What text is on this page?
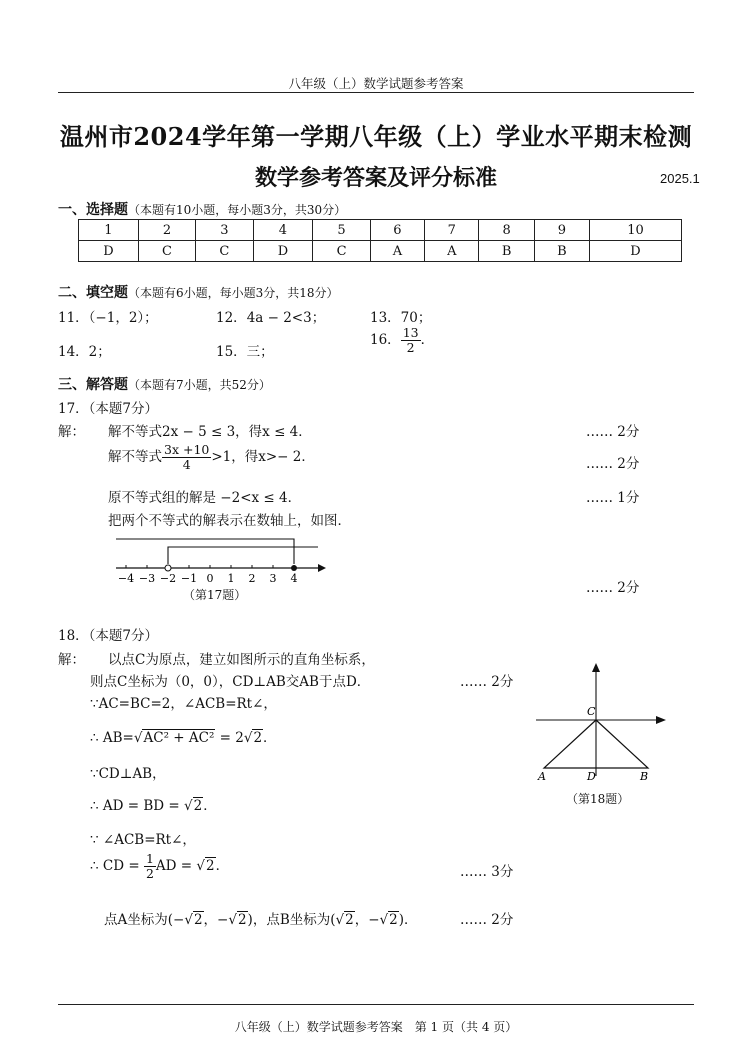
八年级（上）数学试题参考答案
温州市2024学年第一学期八年级（上）学业水平期末检测
数学参考答案及评分标准	2025.1
一、选择题（本题有10小题，每小题3分，共30分）
1	2	3	4	5	6	7	8	9	10
D	C	C	D	C	A	A	B	B	D
二、填空题（本题有6小题，每小题3分，共18分）
11．（−1，2）；	12．4a − 2<3；	13．70；
14．2；	15．三；
16． $\frac{13}{2}$ ．
三、解答题（本题有7小题，共52分）
17．（本题7分）
解： 解不等式2x − 5 ≤ 3，得x ≤ 4．	…… 2分
解不等式 $\frac{3x +10}{4} >1$，得x>− 2．	…… 2分
原不等式组的解是 −2<x ≤ 4．	…… 1分
把两个不等式的解表示在数轴上，如图．
−4 −3 −2 −1 0 1 2 3 4
…… 2分
（第17题）
18．（本题7分）
解： 以点C为原点，建立如图所示的直角坐标系，
则点C坐标为（0，0），CD⊥AB交AB于点D．	…… 2分
∵AC=BC=2，∠ACB=Rt∠，
∴ AB=√AC² + AC² = 2√2．
∵CD⊥AB，
∴ AD = BD = √2．
∵ ∠ACB=Rt∠，
∴ CD = $\frac{1}{2}$ AD = √2．	…… 3分
点A坐标为(−√2，−√2)，点B坐标为(√2，−√2)．	…… 2分
C
A	D	B
（第18题）
八年级（上）数学试题参考答案　第 1 页（共 4 页）
